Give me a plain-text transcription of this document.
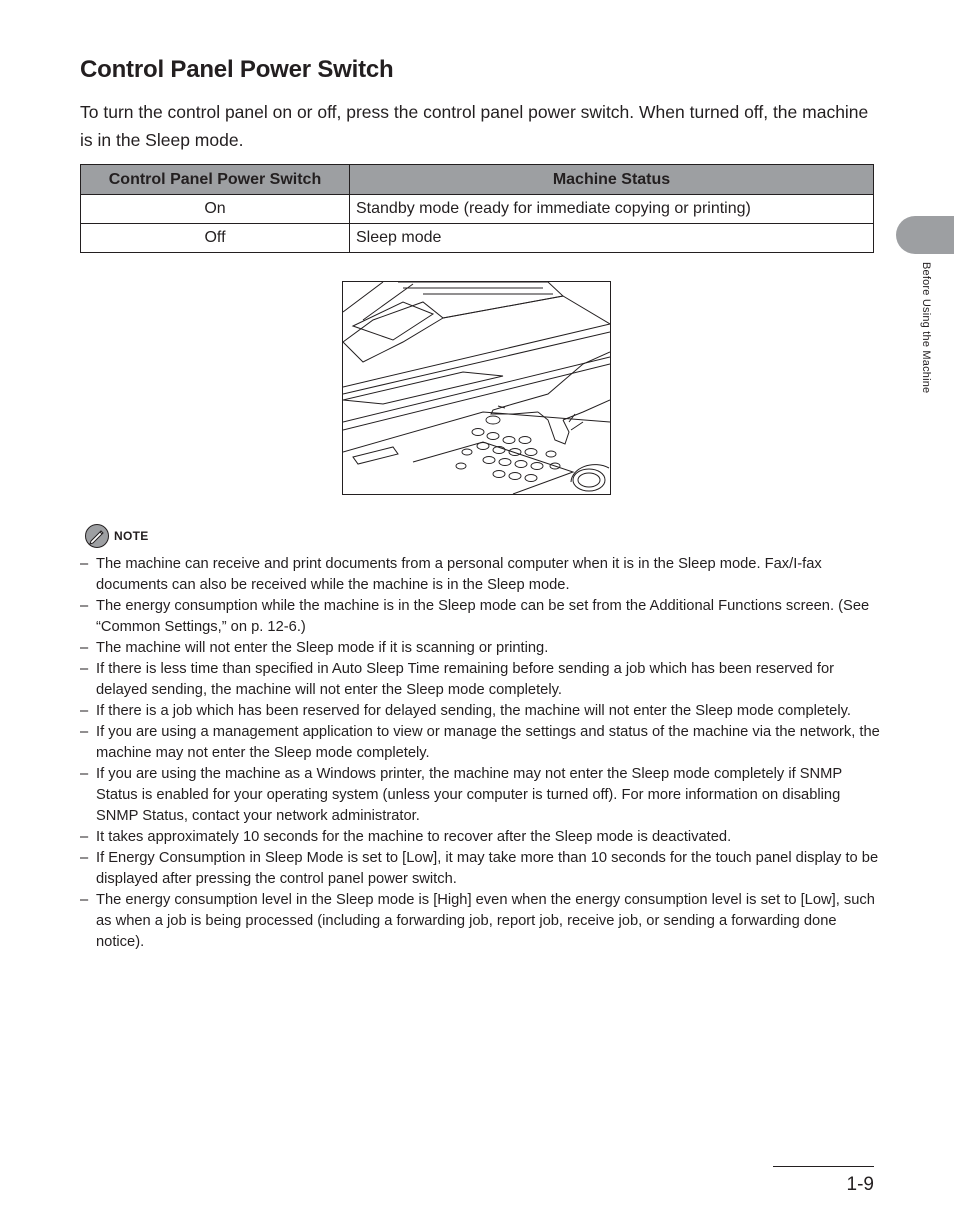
Control Panel Power Switch

To turn the control panel on or off, press the control panel power switch. When turned off, the machine is in the Sleep mode.

Control Panel Power Switch	Machine Status
On	Standby mode (ready for immediate copying or printing)
Off	Sleep mode
Before Using the Machine
NOTE
– The machine can receive and print documents from a personal computer when it is in the Sleep mode. Fax/I-fax documents can also be received while the machine is in the Sleep mode.
– The energy consumption while the machine is in the Sleep mode can be set from the Additional Functions screen. (See “Common Settings,” on p. 12-6.)
– The machine will not enter the Sleep mode if it is scanning or printing.
– If there is less time than specified in Auto Sleep Time remaining before sending a job which has been reserved for delayed sending, the machine will not enter the Sleep mode completely.
– If there is a job which has been reserved for delayed sending, the machine will not enter the Sleep mode completely.
– If you are using a management application to view or manage the settings and status of the machine via the network, the machine may not enter the Sleep mode completely.
– If you are using the machine as a Windows printer, the machine may not enter the Sleep mode completely if SNMP Status is enabled for your operating system (unless your computer is turned off). For more information on disabling SNMP Status, contact your network administrator.
– It takes approximately 10 seconds for the machine to recover after the Sleep mode is deactivated.
– If Energy Consumption in Sleep Mode is set to [Low], it may take more than 10 seconds for the touch panel display to be displayed after pressing the control panel power switch.
– The energy consumption level in the Sleep mode is [High] even when the energy consumption level is set to [Low], such as when a job is being processed (including a forwarding job, report job, receive job, or sending a forwarding done notice).
1-9
